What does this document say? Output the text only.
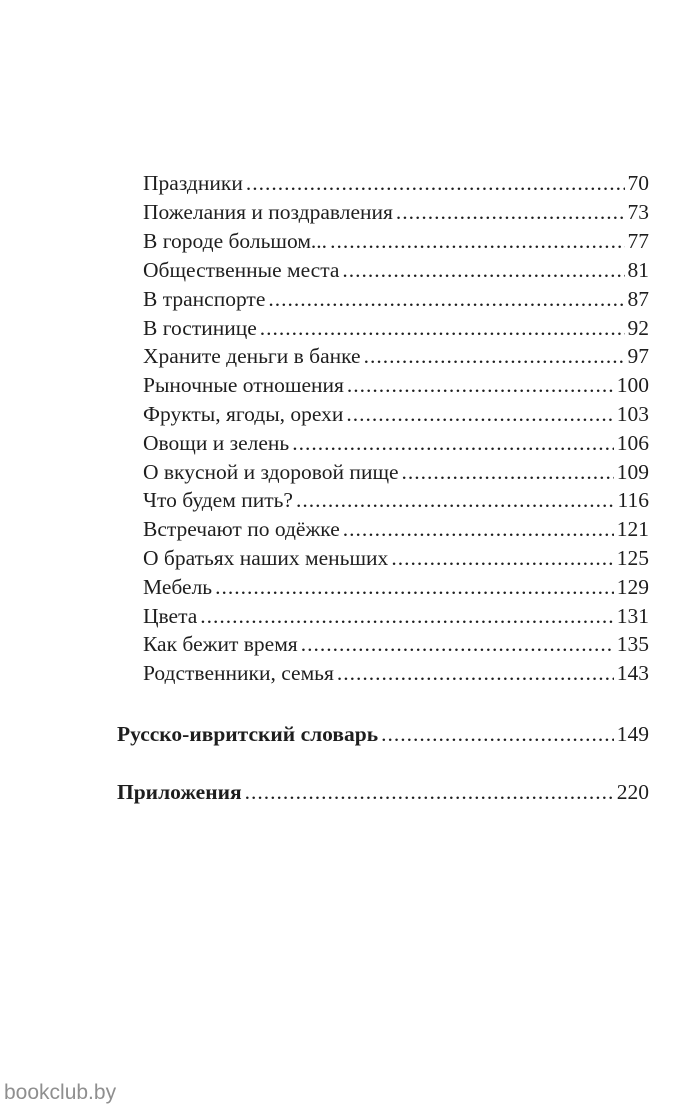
Праздники .....	70
Пожелания и поздравления .....	73
В городе большом... .....	77
Общественные места .....	81
В транспорте .....	87
В гостинице .....	92
Храните деньги в банке .....	97
Рыночные отношения .....	100
Фрукты, ягоды, орехи .....	103
Овощи и зелень .....	106
О вкусной и здоровой пище .....	109
Что будем пить? .....	116
Встречают по одёжке .....	121
О братьях наших меньших .....	125
Мебель .....	129
Цвета .....	131
Как бежит время .....	135
Родственники, семья .....	143
Русско-ивритский словарь .....	149
Приложения .....	220
bookclub.by
